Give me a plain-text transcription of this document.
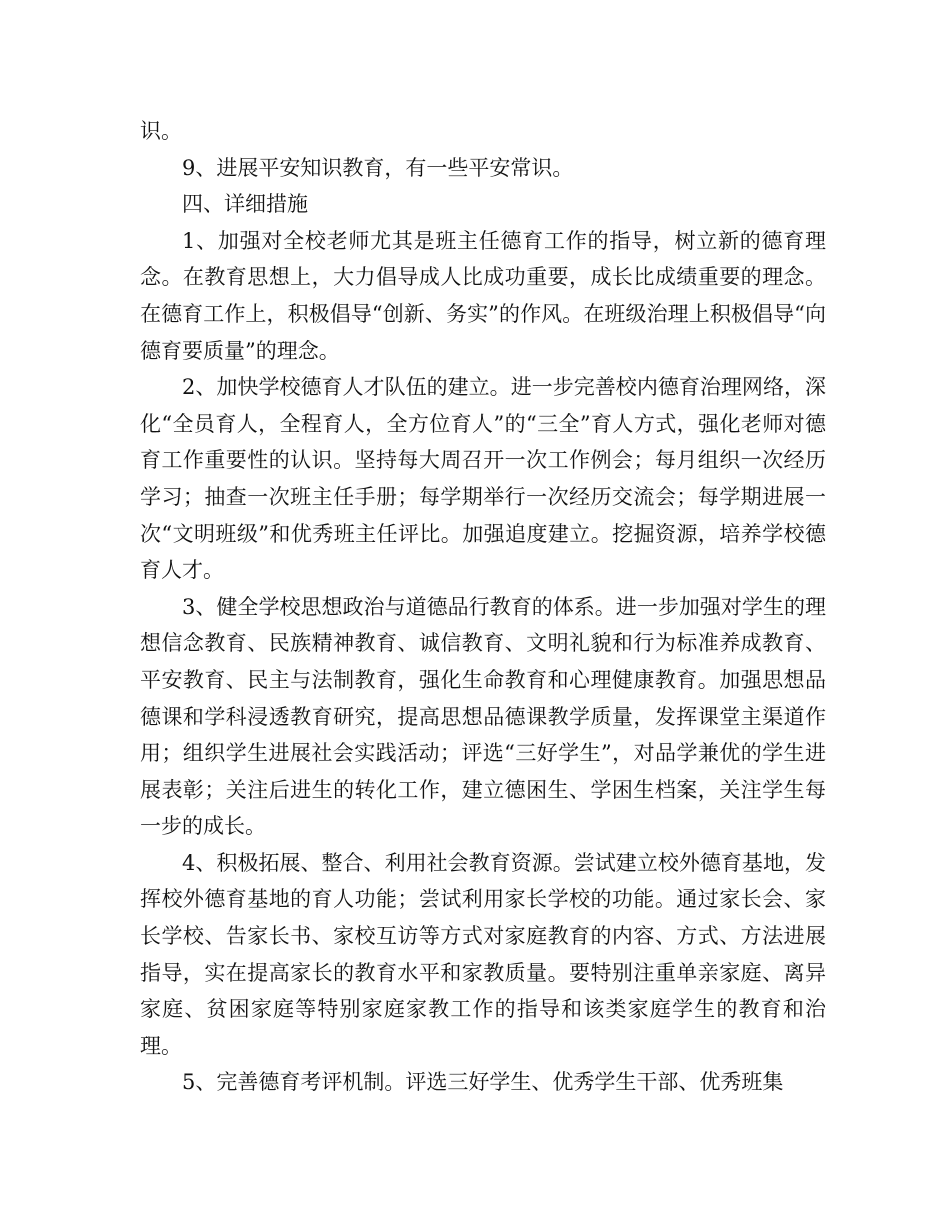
识。

9、进展平安知识教育，有一些平安常识。

四、详细措施

1、加强对全校老师尤其是班主任德育工作的指导，树立新的德育理念。在教育思想上，大力倡导成人比成功重要，成长比成绩重要的理念。在德育工作上，积极倡导“创新、务实”的作风。在班级治理上积极倡导“向德育要质量”的理念。

2、加快学校德育人才队伍的建立。进一步完善校内德育治理网络，深化“全员育人，全程育人，全方位育人”的“三全”育人方式，强化老师对德育工作重要性的认识。坚持每大周召开一次工作例会；每月组织一次经历学习；抽查一次班主任手册；每学期举行一次经历交流会；每学期进展一次“文明班级”和优秀班主任评比。加强追度建立。挖掘资源，培养学校德育人才。

3、健全学校思想政治与道德品行教育的体系。进一步加强对学生的理想信念教育、民族精神教育、诚信教育、文明礼貌和行为标准养成教育、平安教育、民主与法制教育，强化生命教育和心理健康教育。加强思想品德课和学科浸透教育研究，提高思想品德课教学质量，发挥课堂主渠道作用；组织学生进展社会实践活动；评选“三好学生”，对品学兼优的学生进展表彰；关注后进生的转化工作，建立德困生、学困生档案，关注学生每一步的成长。

4、积极拓展、整合、利用社会教育资源。尝试建立校外德育基地，发挥校外德育基地的育人功能；尝试利用家长学校的功能。通过家长会、家长学校、告家长书、家校互访等方式对家庭教育的内容、方式、方法进展指导，实在提高家长的教育水平和家教质量。要特别注重单亲家庭、离异家庭、贫困家庭等特别家庭家教工作的指导和该类家庭学生的教育和治理。

5、完善德育考评机制。评选三好学生、优秀学生干部、优秀班集
